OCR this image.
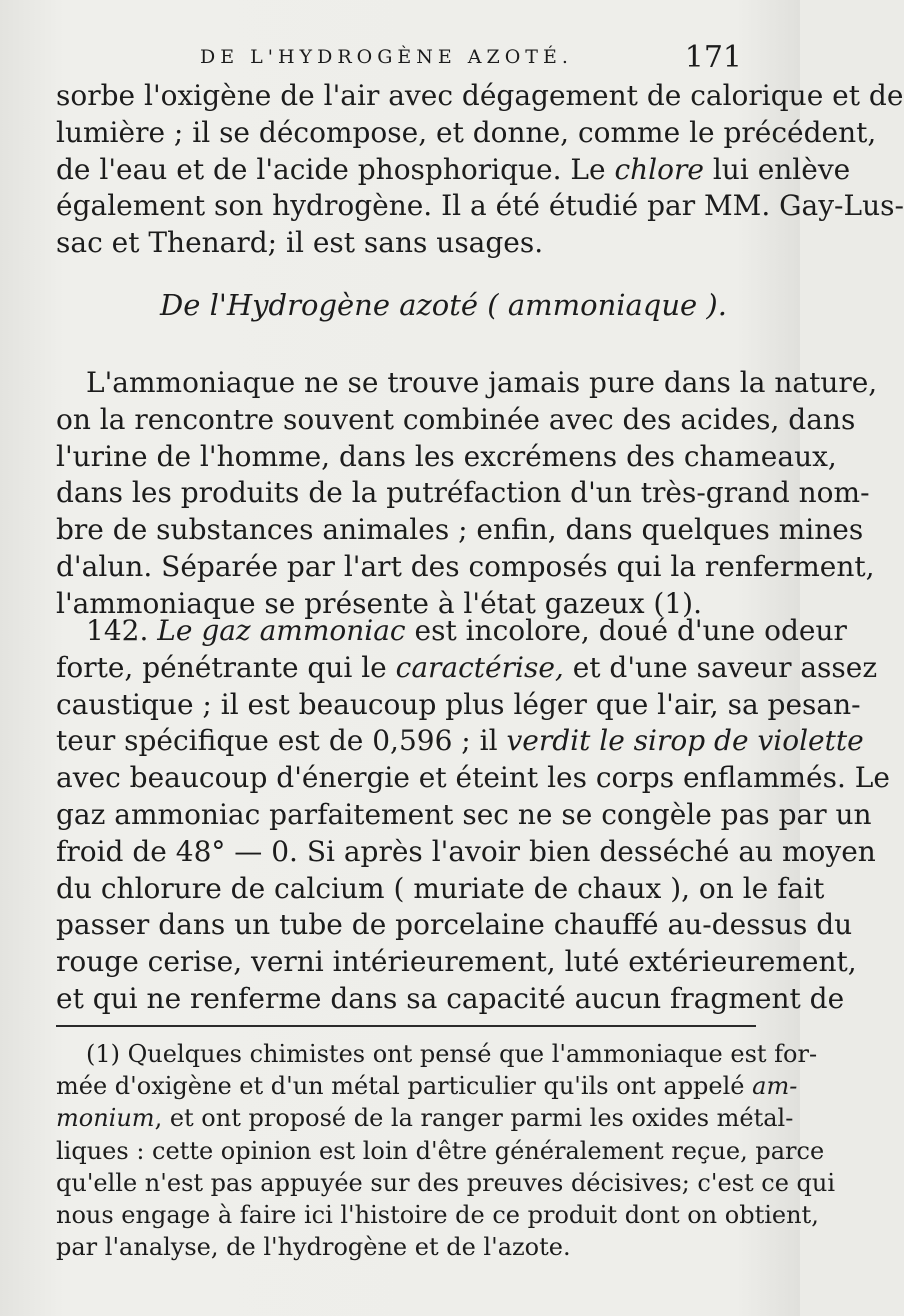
DE L'HYDROGÈNE AZOTÉ.	171
sorbe l'oxigène de l'air avec dégagement de calorique et de
lumière ; il se décompose, et donne, comme le précédent,
de l'eau et de l'acide phosphorique. Le chlore lui enlève
également son hydrogène. Il a été étudié par MM. Gay-Lus-
sac et Thenard; il est sans usages.
De l'Hydrogène azoté ( ammoniaque ).
L'ammoniaque ne se trouve jamais pure dans la nature,
on la rencontre souvent combinée avec des acides, dans
l'urine de l'homme, dans les excrémens des chameaux,
dans les produits de la putréfaction d'un très-grand nom-
bre de substances animales ; enfin, dans quelques mines
d'alun. Séparée par l'art des composés qui la renferment,
l'ammoniaque se présente à l'état gazeux (1).
142. Le gaz ammoniac est incolore, doué d'une odeur
forte, pénétrante qui le caractérise, et d'une saveur assez
caustique ; il est beaucoup plus léger que l'air, sa pesan-
teur spécifique est de 0,596 ; il verdit le sirop de violette
avec beaucoup d'énergie et éteint les corps enflammés. Le
gaz ammoniac parfaitement sec ne se congèle pas par un
froid de 48° — 0. Si après l'avoir bien desséché au moyen
du chlorure de calcium ( muriate de chaux ), on le fait
passer dans un tube de porcelaine chauffé au-dessus du
rouge cerise, verni intérieurement, luté extérieurement,
et qui ne renferme dans sa capacité aucun fragment de
(1) Quelques chimistes ont pensé que l'ammoniaque est for-
mée d'oxigène et d'un métal particulier qu'ils ont appelé am-
monium, et ont proposé de la ranger parmi les oxides métal-
liques : cette opinion est loin d'être généralement reçue, parce
qu'elle n'est pas appuyée sur des preuves décisives; c'est ce qui
nous engage à faire ici l'histoire de ce produit dont on obtient,
par l'analyse, de l'hydrogène et de l'azote.
